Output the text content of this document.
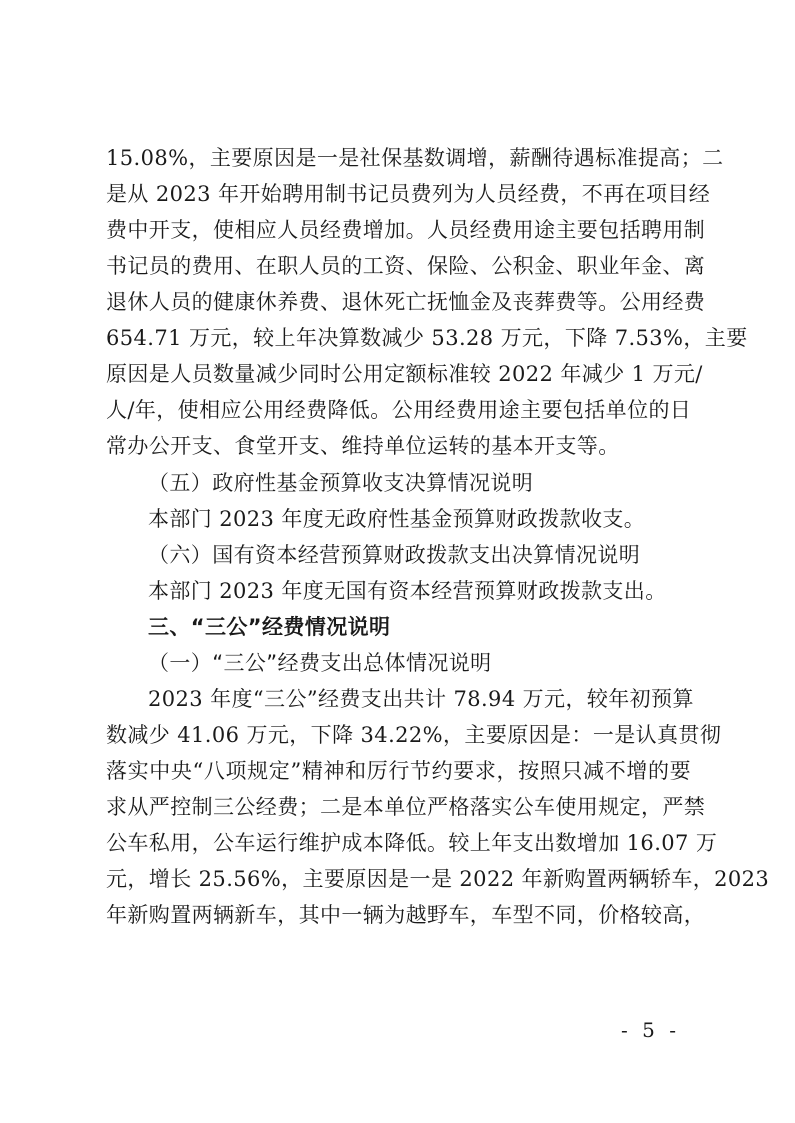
15.08%，主要原因是一是社保基数调增，薪酬待遇标准提高；二
是从 2023 年开始聘用制书记员费列为人员经费，不再在项目经
费中开支，使相应人员经费增加。人员经费用途主要包括聘用制
书记员的费用、在职人员的工资、保险、公积金、职业年金、离
退休人员的健康休养费、退休死亡抚恤金及丧葬费等。公用经费
654.71 万元，较上年决算数减少 53.28 万元，下降 7.53%，主要
原因是人员数量减少同时公用定额标准较 2022 年减少 1 万元/
人/年，使相应公用经费降低。公用经费用途主要包括单位的日
常办公开支、食堂开支、维持单位运转的基本开支等。
（五）政府性基金预算收支决算情况说明
本部门 2023 年度无政府性基金预算财政拨款收支。
（六）国有资本经营预算财政拨款支出决算情况说明
本部门 2023 年度无国有资本经营预算财政拨款支出。
三、“三公”经费情况说明
（一）“三公”经费支出总体情况说明
2023 年度“三公”经费支出共计 78.94 万元，较年初预算
数减少 41.06 万元，下降 34.22%，主要原因是：一是认真贯彻
落实中央“八项规定”精神和厉行节约要求，按照只减不增的要
求从严控制三公经费；二是本单位严格落实公车使用规定，严禁
公车私用，公车运行维护成本降低。较上年支出数增加 16.07 万
元，增长 25.56%，主要原因是一是 2022 年新购置两辆轿车，2023
年新购置两辆新车，其中一辆为越野车，车型不同，价格较高，
- 5 -
